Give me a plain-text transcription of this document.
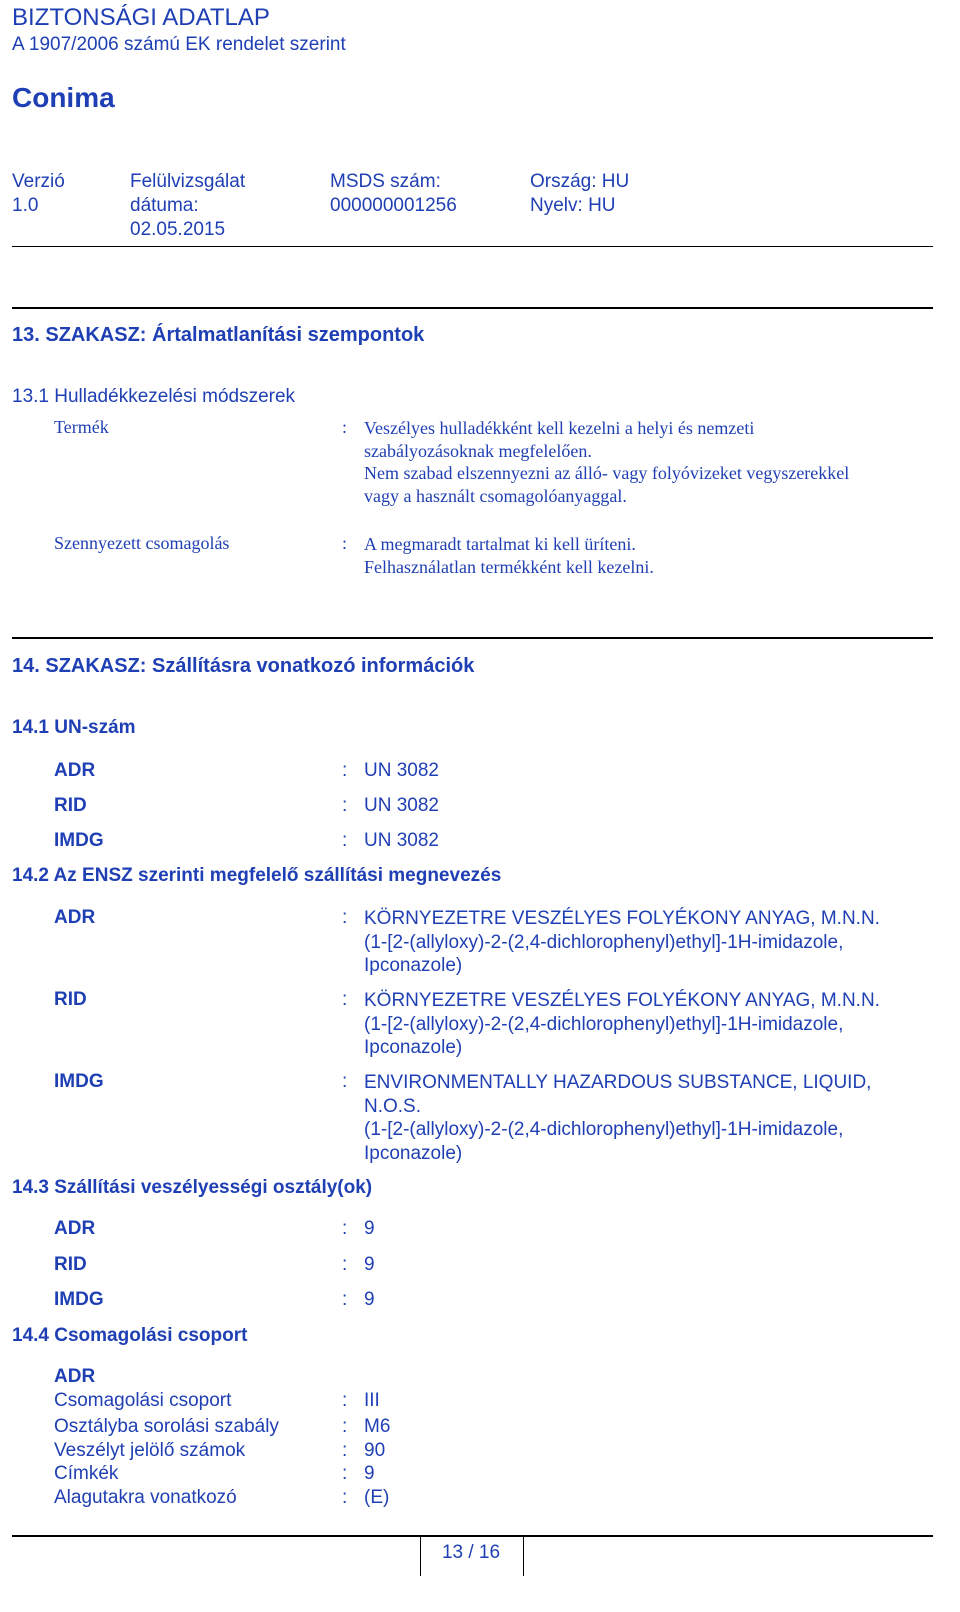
BIZTONSÁGI ADATLAP
A 1907/2006 számú EK rendelet szerint
Conima
Verzió
1.0
Felülvizsgálat
dátuma:
02.05.2015
MSDS szám:
000000001256
Ország: HU
Nyelv: HU
13. SZAKASZ: Ártalmatlanítási szempontok
13.1 Hulladékkezelési módszerek
Termék	: Veszélyes hulladékként kell kezelni a helyi és nemzeti
szabályozásoknak megfelelően.
Nem szabad elszennyezni az álló- vagy folyóvizeket vegyszerekkel
vagy a használt csomagolóanyaggal.
Szennyezett csomagolás	: A megmaradt tartalmat ki kell üríteni.
Felhasználatlan termékként kell kezelni.
14. SZAKASZ: Szállításra vonatkozó információk
14.1 UN-szám
ADR	: UN 3082
RID	: UN 3082
IMDG	: UN 3082
14.2 Az ENSZ szerinti megfelelő szállítási megnevezés
ADR	: KÖRNYEZETRE VESZÉLYES FOLYÉKONY ANYAG, M.N.N.
(1-[2-(allyloxy)-2-(2,4-dichlorophenyl)ethyl]-1H-imidazole,
Ipconazole)
RID	: KÖRNYEZETRE VESZÉLYES FOLYÉKONY ANYAG, M.N.N.
(1-[2-(allyloxy)-2-(2,4-dichlorophenyl)ethyl]-1H-imidazole,
Ipconazole)
IMDG	: ENVIRONMENTALLY HAZARDOUS SUBSTANCE, LIQUID,
N.O.S.
(1-[2-(allyloxy)-2-(2,4-dichlorophenyl)ethyl]-1H-imidazole,
Ipconazole)
14.3 Szállítási veszélyességi osztály(ok)
ADR	: 9
RID	: 9
IMDG	: 9
14.4 Csomagolási csoport
ADR
Csomagolási csoport	: III
Osztályba sorolási szabály	: M6
Veszélyt jelölő számok	: 90
Címkék	: 9
Alagutakra vonatkozó	: (E)
13 / 16
